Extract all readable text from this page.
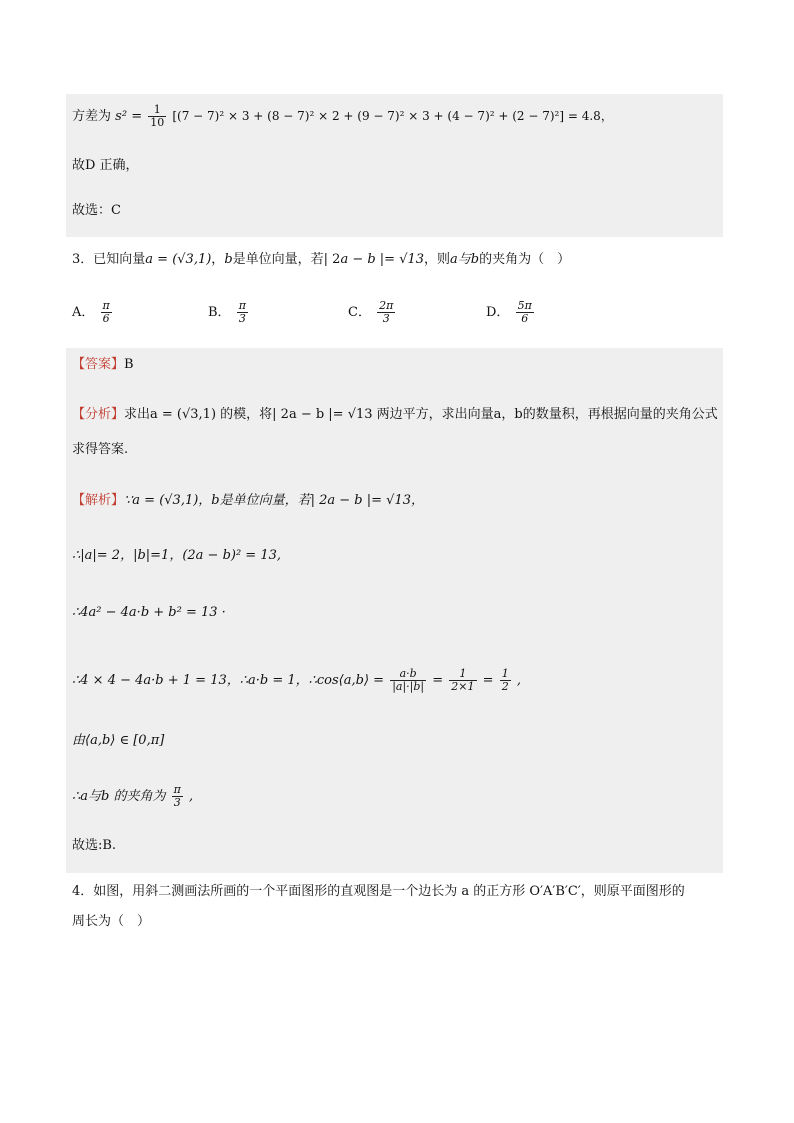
方差为 $s^2 = \frac{1}{10} [(7 - 7)^2 \times 3 + (8 - 7)^2 \times 2 + (9 - 7)^2 \times 3 + (4 - 7)^2 + (2 - 7)^2] = 4.8$，
故D 正确，
故选：C
3．已知向量a = (√3,1)，b是单位向量，若| 2a − b |= √13，则a与b的夹角为（　）
A． $\frac{\pi}{6}$	B． $\frac{\pi}{3}$	C． $\frac{2\pi}{3}$	D． $\frac{5\pi}{6}$
【答案】B
【分析】求出a = (√3,1) 的模，将| 2a − b |= √13 两边平方，求出向量a，b的数量积，再根据向量的夹角公式
求得答案.
【解析】∵a = (√3,1)，b是单位向量，若| 2a − b |= √13，
∴|a|= 2，|b|=1，(2a − b)² = 13,
∴4a² − 4a·b + b² = 13 ·
∴4 × 4 − 4a·b + 1 = 13，∴a·b = 1，∴cos⟨a,b⟩ = $\frac{a\cdot b}{|a|\cdot|b|} = \frac{1}{2\times 1} = \frac{1}{2}$ ,
由⟨a,b⟩ ∈ [0,π]
∴a与b 的夹角为 $\frac{\pi}{3}$ ,
故选:B.
4．如图，用斜二测画法所画的一个平面图形的直观图是一个边长为 a 的正方形 O′A′B′C′，则原平面图形的
周长为（　）
